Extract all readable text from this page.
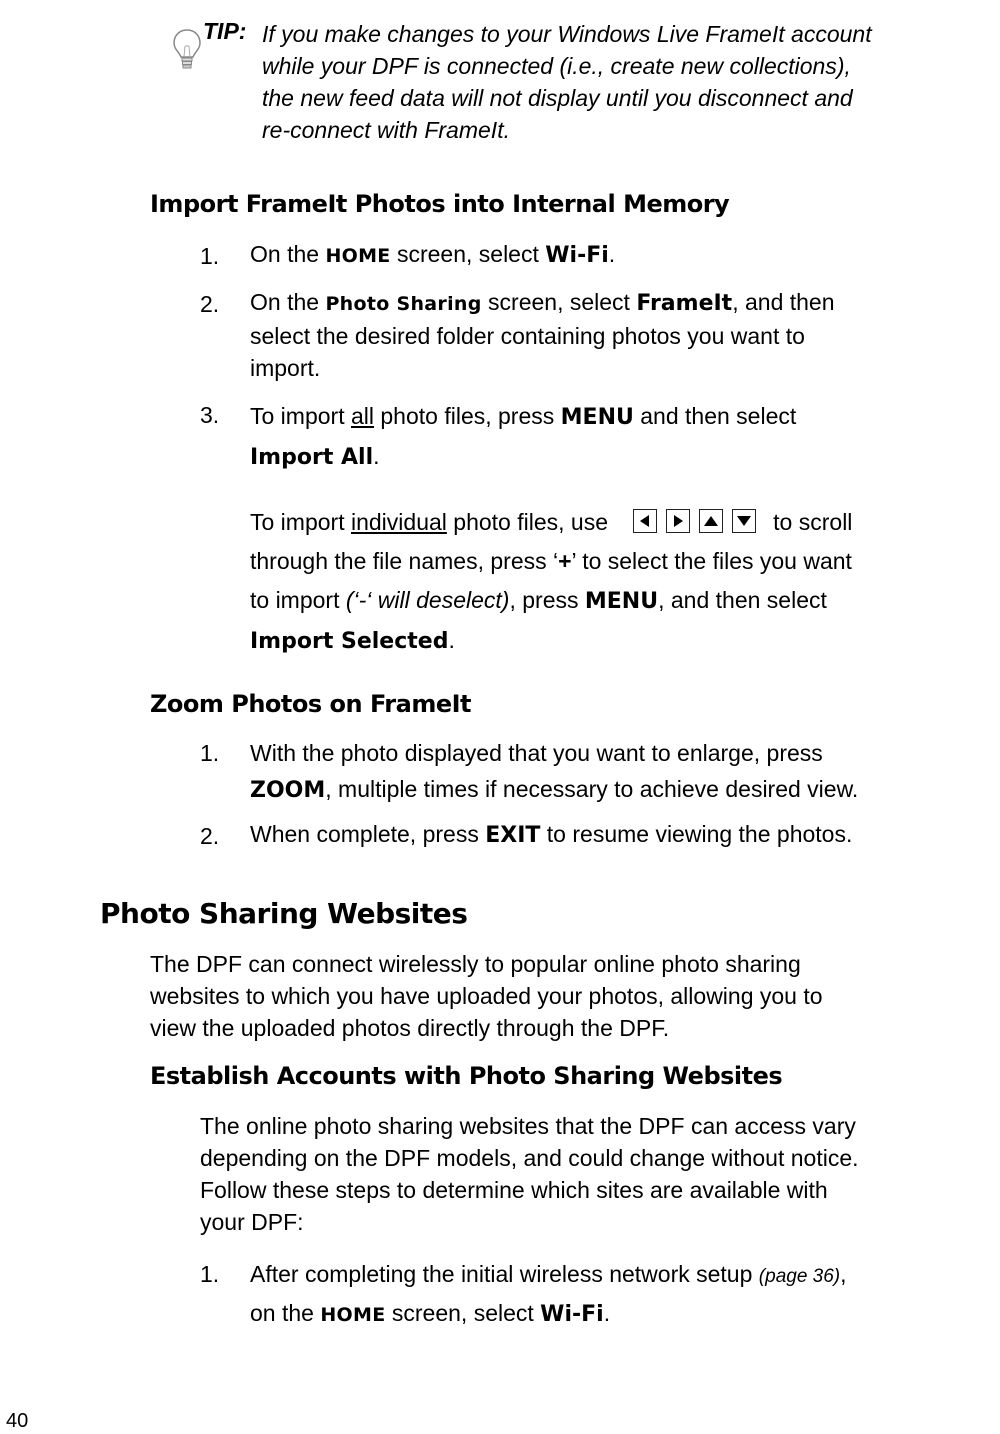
TIP: If you make changes to your Windows Live FrameIt account
while your DPF is connected (i.e., create new collections),
the new feed data will not display until you disconnect and
re-connect with FrameIt.
Import FrameIt Photos into Internal Memory
1. On the HOME screen, select Wi-Fi.
2. On the Photo Sharing screen, select FrameIt, and then
select the desired folder containing photos you want to
import.
3. To import all photo files, press MENU and then select
Import All.
To import individual photo files, use	to scroll
through the file names, press ‘+’ to select the files you want
to import (‘-‘ will deselect), press MENU, and then select
Import Selected.
Zoom Photos on FrameIt
1. With the photo displayed that you want to enlarge, press
ZOOM, multiple times if necessary to achieve desired view.
2. When complete, press EXIT to resume viewing the photos.
Photo Sharing Websites
The DPF can connect wirelessly to popular online photo sharing
websites to which you have uploaded your photos, allowing you to
view the uploaded photos directly through the DPF.
Establish Accounts with Photo Sharing Websites
The online photo sharing websites that the DPF can access vary
depending on the DPF models, and could change without notice.
Follow these steps to determine which sites are available with
your DPF:
1. After completing the initial wireless network setup (page 36),
on the HOME screen, select Wi-Fi.
40
